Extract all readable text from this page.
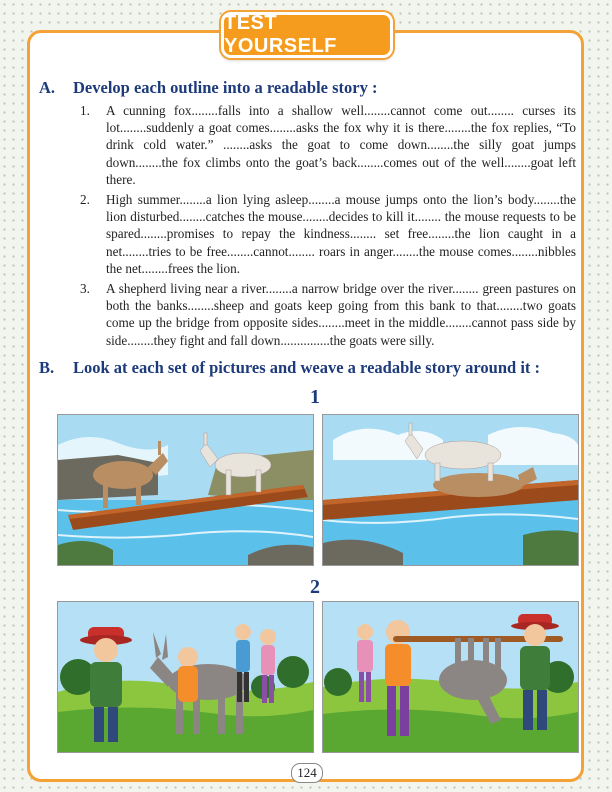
TEST YOURSELF
A. Develop each outline into a readable story :
1. A cunning fox........falls into a shallow well........cannot come out........ curses its lot........suddenly a goat comes........asks the fox why it is there........the fox replies, “To drink cold water.” ........asks the goat to come down........the silly goat jumps down........the fox climbs onto the goat’s back........comes out of the well........goat left there.
2. High summer........a lion lying asleep........a mouse jumps onto the lion’s body........the lion disturbed........catches the mouse........decides to kill it........ the mouse requests to be spared........promises to repay the kindness........ set free........the lion caught in a net........tries to be free........cannot........ roars in anger........the mouse comes........nibbles the net........frees the lion.
3. A shepherd living near a river........a narrow bridge over the river........ green pastures on both the banks........sheep and goats keep going from this bank to that........two goats come up the bridge from opposite sides........meet in the middle........cannot pass side by side........they fight and fall down...............the goats were silly.
B. Look at each set of pictures and weave a readable story around it :
1
2
124
